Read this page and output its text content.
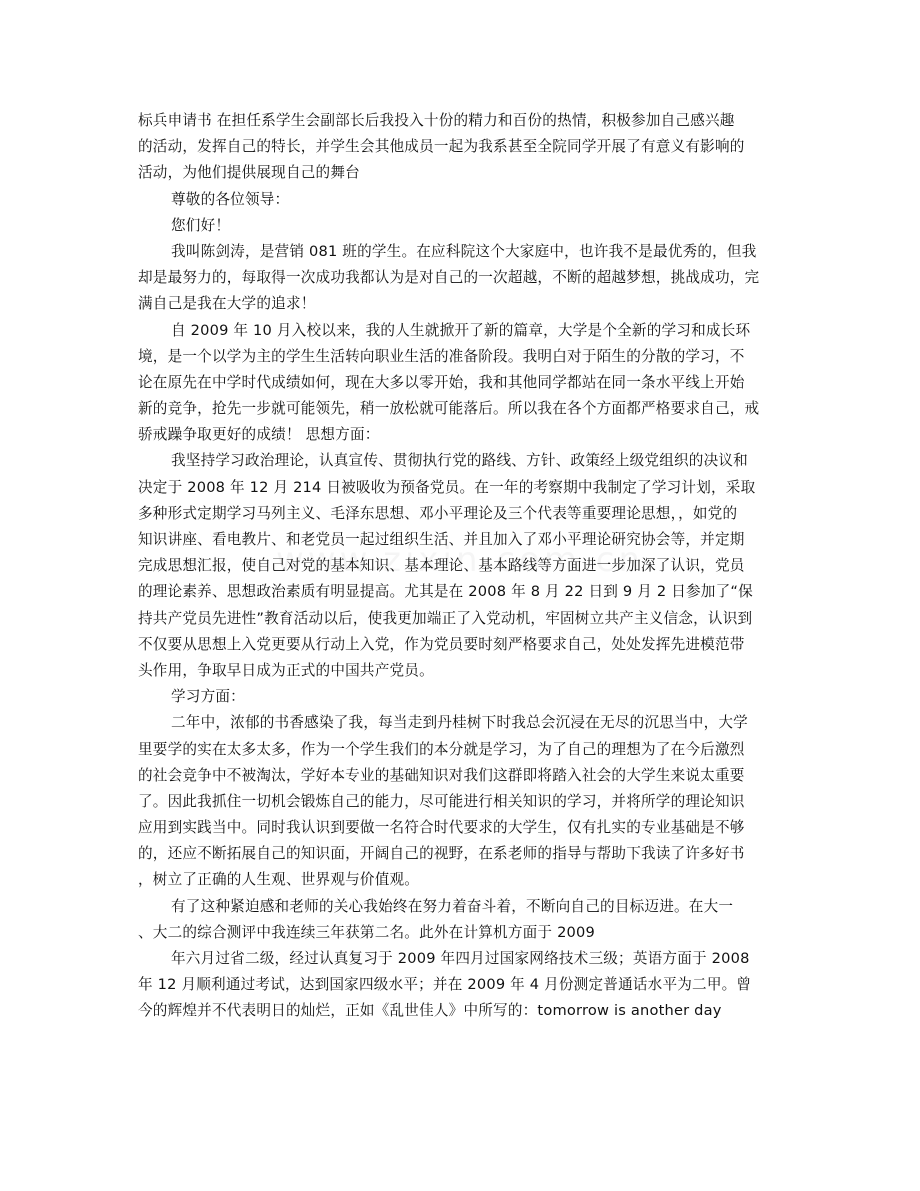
标兵申请书 在担任系学生会副部长后我投入十份的精力和百份的热情，积极参加自己感兴趣
的活动，发挥自己的特长，并学生会其他成员一起为我系甚至全院同学开展了有意义有影响的
活动，为他们提供展现自己的舞台
尊敬的各位领导：
您们好！
我叫陈剑涛，是营销 081 班的学生。在应科院这个大家庭中，也许我不是最优秀的，但我
却是最努力的，每取得一次成功我都认为是对自己的一次超越，不断的超越梦想，挑战成功，完
满自己是我在大学的追求！
自 2009 年 10 月入校以来，我的人生就掀开了新的篇章，大学是个全新的学习和成长环
境，是一个以学为主的学生生活转向职业生活的准备阶段。我明白对于陌生的分散的学习，不
论在原先在中学时代成绩如何，现在大多以零开始，我和其他同学都站在同一条水平线上开始
新的竞争，抢先一步就可能领先，稍一放松就可能落后。所以我在各个方面都严格要求自己，戒
骄戒躁争取更好的成绩！ 思想方面：
我坚持学习政治理论，认真宣传、贯彻执行党的路线、方针、政策经上级党组织的决议和
决定于 2008 年 12 月 214 日被吸收为预备党员。在一年的考察期中我制定了学习计划，采取
多种形式定期学习马列主义、毛泽东思想、邓小平理论及三个代表等重要理论思想，，如党的
知识讲座、看电教片、和老党员一起过组织生活、并且加入了邓小平理论研究协会等，并定期
完成思想汇报，使自己对党的基本知识、基本理论、基本路线等方面进一步加深了认识，党员
的理论素养、思想政治素质有明显提高。尤其是在 2008 年 8 月 22 日到 9 月 2 日参加了“保
持共产党员先进性”教育活动以后，使我更加端正了入党动机，牢固树立共产主义信念，认识到
不仅要从思想上入党更要从行动上入党，作为党员要时刻严格要求自己，处处发挥先进模范带
头作用，争取早日成为正式的中国共产党员。
学习方面：
二年中，浓郁的书香感染了我，每当走到丹桂树下时我总会沉浸在无尽的沉思当中，大学
里要学的实在太多太多，作为一个学生我们的本分就是学习，为了自己的理想为了在今后激烈
的社会竞争中不被淘汰，学好本专业的基础知识对我们这群即将踏入社会的大学生来说太重要
了。因此我抓住一切机会锻炼自己的能力，尽可能进行相关知识的学习，并将所学的理论知识
应用到实践当中。同时我认识到要做一名符合时代要求的大学生，仅有扎实的专业基础是不够
的，还应不断拓展自己的知识面，开阔自己的视野，在系老师的指导与帮助下我读了许多好书
，树立了正确的人生观、世界观与价值观。
有了这种紧迫感和老师的关心我始终在努力着奋斗着，不断向自己的目标迈进。在大一
、大二的综合测评中我连续三年获第二名。此外在计算机方面于 2009
年六月过省二级，经过认真复习于 2009 年四月过国家网络技术三级；英语方面于 2008
年 12 月顺利通过考试，达到国家四级水平；并在 2009 年 4 月份测定普通话水平为二甲。曾
今的辉煌并不代表明日的灿烂，正如《乱世佳人》中所写的：tomorrow is another day
